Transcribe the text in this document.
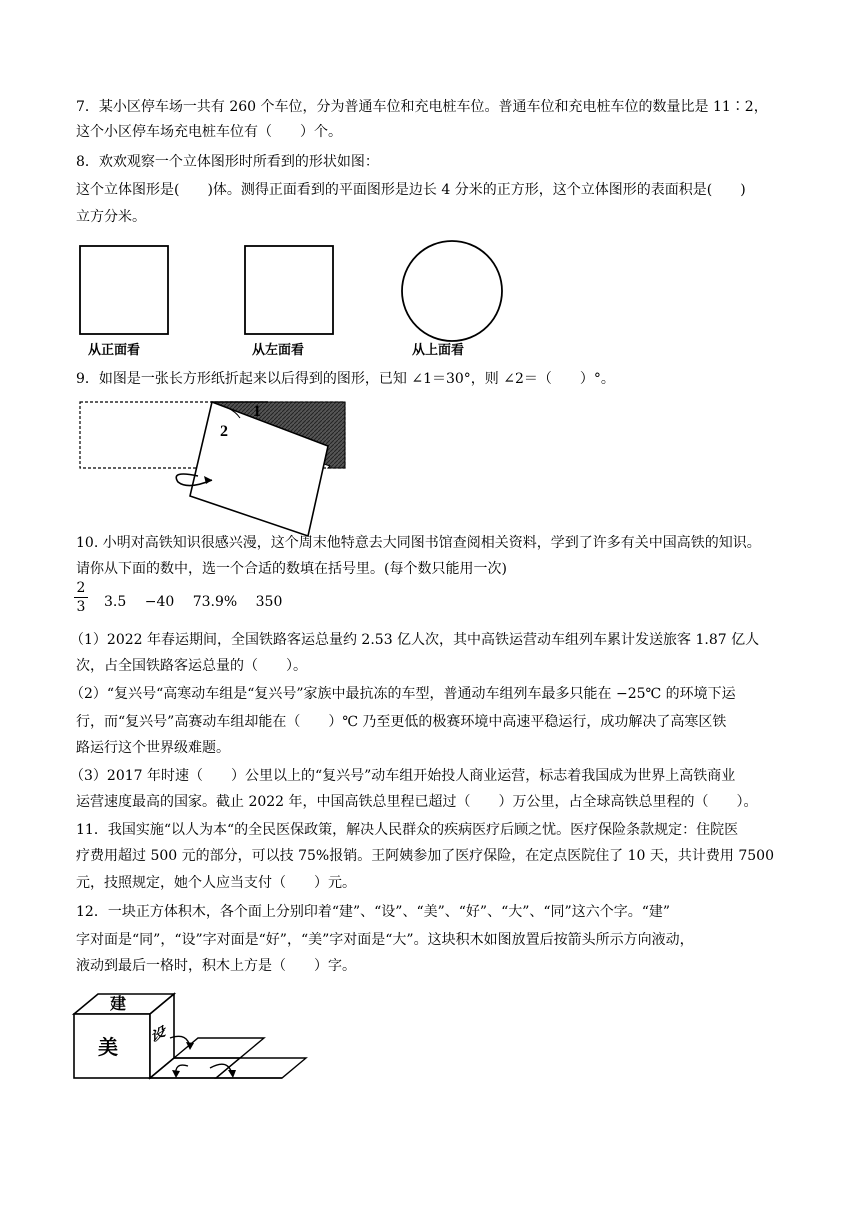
7．某小区停车场一共有 260 个车位，分为普通车位和充电桩车位。普通车位和充电桩车位的数量比是 11∶2，
这个小区停车场充电桩车位有（　　）个。
8．欢欢观察一个立体图形时所看到的形状如图：
这个立体图形是(　　)体。测得正面看到的平面图形是边长 4 分米的正方形，这个立体图形的表面积是(　　)
立方分米。
从正面看	从左面看	从上面看
9．如图是一张长方形纸折起来以后得到的图形，已知 ∠1＝30°，则 ∠2＝（　　）°。
1
2
10. 小明对高铁知识很感兴漫，这个周末他特意去大同图书馆查阅相关资料，学到了许多有关中国高铁的知识。
请你从下面的数中，选一个合适的数填在括号里。(每个数只能用一次)
2
3 3.5　 −40　 73.9%　 350
（1）2022 年春运期间，全国铁路客运总量约 2.53 亿人次，其中高铁运营动车组列车累计发送旅客 1.87 亿人
次，占全国铁路客运总量的（　　）。
（2）“复兴号“高寒动车组是“复兴号”家族中最抗冻的车型，普通动车组列车最多只能在 −25℃ 的环境下运
行，而“复兴号”高赛动车组却能在（　　）℃ 乃至更低的极赛环境中高速平稳运行，成功解决了高寒区铁
路运行这个世界级难题。
（3）2017 年时速（　　）公里以上的“复兴号”动车组开始投人商业运营，标志着我国成为世界上高铁商业
运营速度最高的国家。截止 2022 年，中国高铁总里程已超过（　　）万公里，占全球高铁总里程的（　　）。
11．我国实施“以人为本“的全民医保政策，解决人民群众的疾病医疗后顾之忧。医疗保险条款规定：住院医
疗费用超过 500 元的部分，可以技 75%报销。王阿姨参加了医疗保险，在定点医院住了 10 天，共计费用 7500
元，技照规定，她个人应当支付（　　）元。
12．一块正方体积木，各个面上分别印着“建”、“设”、“美”、“好”、“大”、“同”这六个字。“建”
字对面是“同”，“设”字对面是“好”，“美”字对面是“大”。这块积木如图放置后按箭头所示方向液动，
液动到最后一格时，积木上方是（　　）字。
建
美
设
